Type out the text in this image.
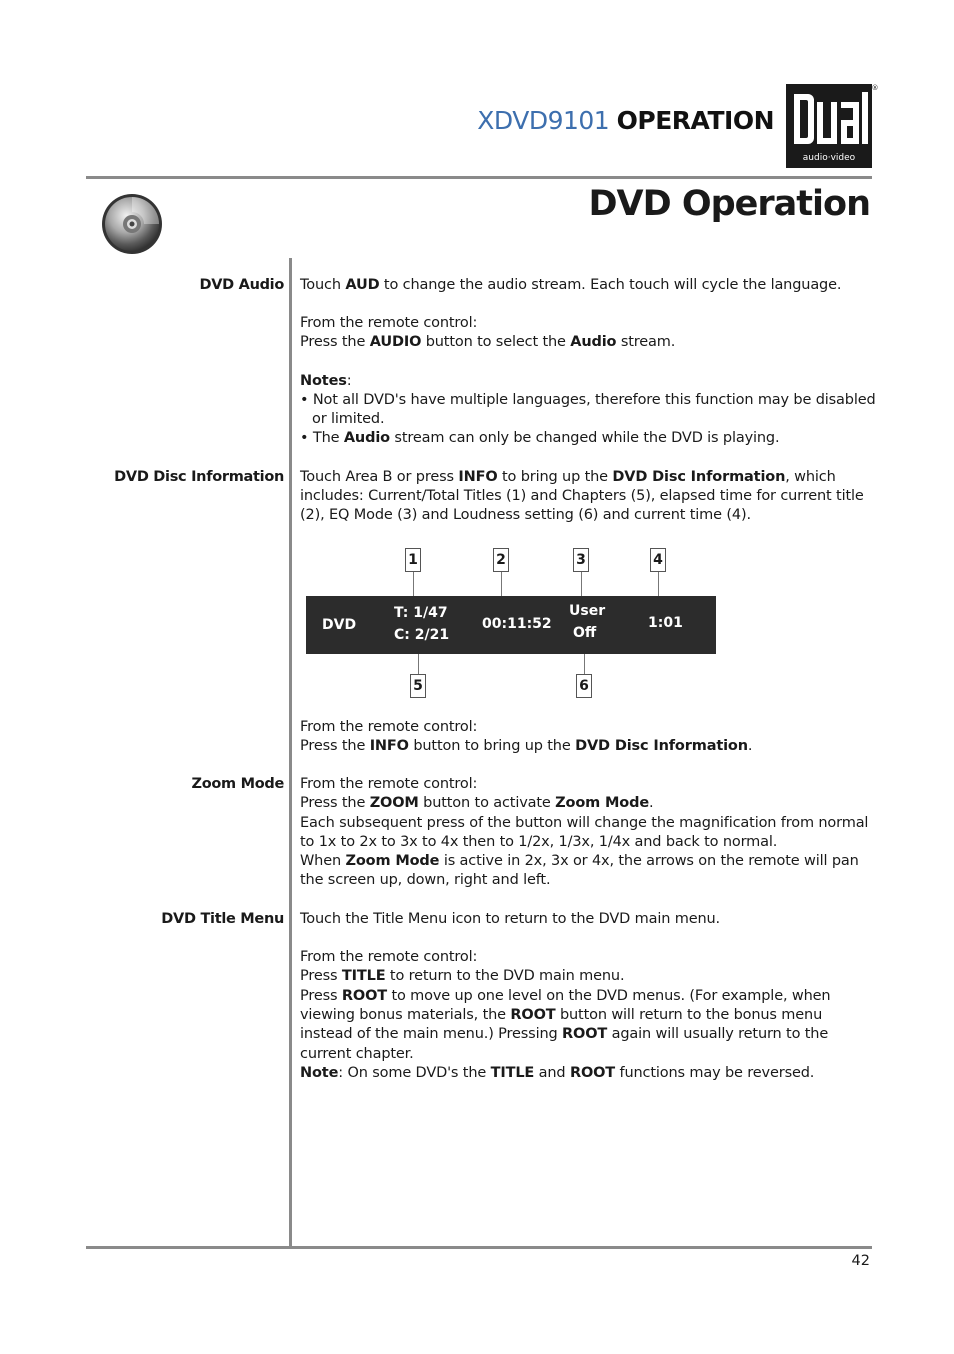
XDVD9101 OPERATION
audio·video
®
DVD Operation
DVD Audio Touch AUD to change the audio stream. Each touch will cycle the language.

From the remote control:

Press the AUDIO button to select the Audio stream.

Notes:

• Not all DVD's have multiple languages, therefore this function may be disabled or limited.

• The Audio stream can only be changed while the DVD is playing.

DVD Disc Information Touch Area B or press INFO to bring up the DVD Disc Information, which includes: Current/Total Titles (1) and Chapters (5), elapsed time for current title (2), EQ Mode (3) and Loudness setting (6) and current time (4).

1	2	3	4
DVD
T: 1/47
C: 2/21
00:11:52
User
Off
1:01
5	6

From the remote control:

Press the INFO button to bring up the DVD Disc Information.

Zoom Mode From the remote control:

Press the ZOOM button to activate Zoom Mode.

Each subsequent press of the button will change the magnification from normal to 1x to 2x to 3x to 4x then to 1/2x, 1/3x, 1/4x and back to normal.

When Zoom Mode is active in 2x, 3x or 4x, the arrows on the remote will pan the screen up, down, right and left.

DVD Title Menu Touch the Title Menu icon to return to the DVD main menu.

From the remote control:

Press TITLE to return to the DVD main menu.

Press ROOT to move up one level on the DVD menus. (For example, when viewing bonus materials, the ROOT button will return to the bonus menu instead of the main menu.) Pressing ROOT again will usually return to the current chapter.

Note: On some DVD's the TITLE and ROOT functions may be reversed.

42
